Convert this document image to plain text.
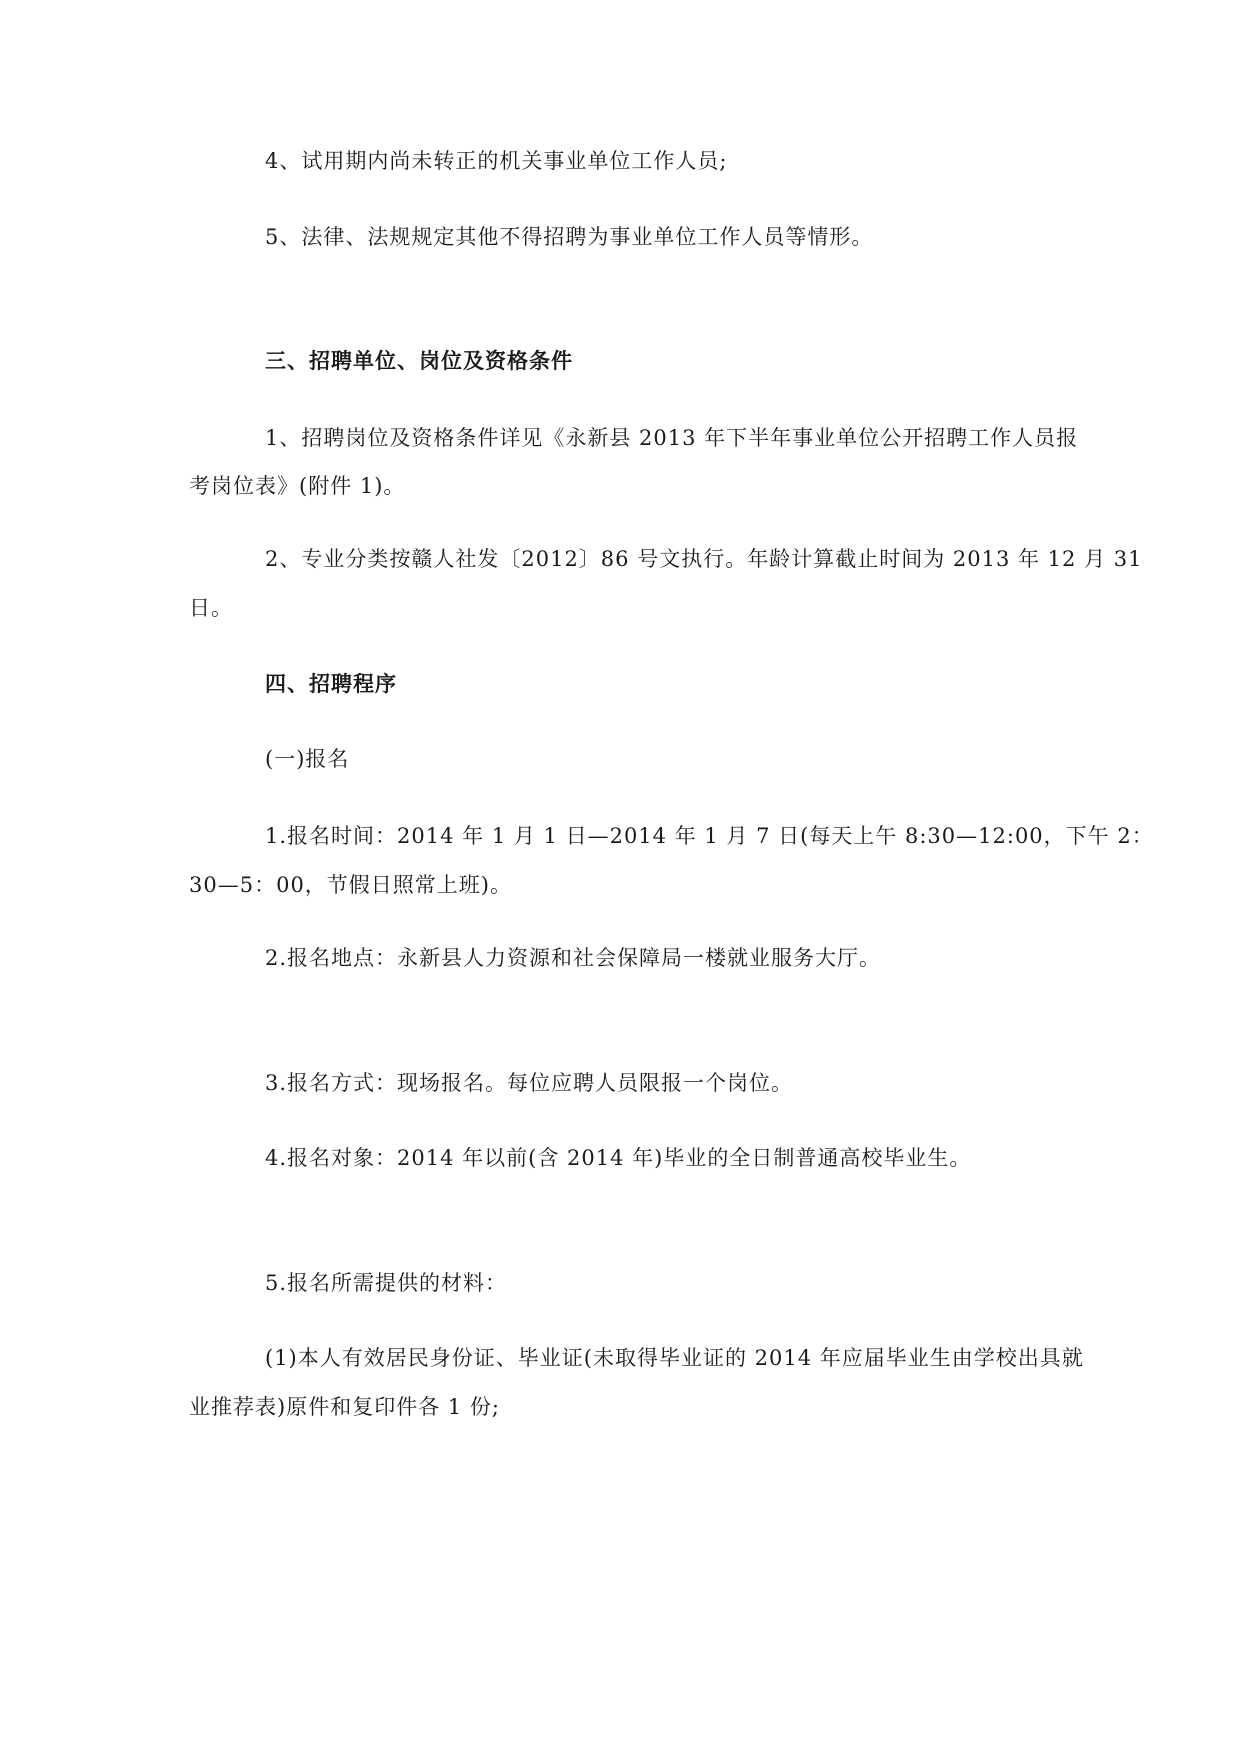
4、试用期内尚未转正的机关事业单位工作人员;
5、法律、法规规定其他不得招聘为事业单位工作人员等情形。
三、招聘单位、岗位及资格条件
1、招聘岗位及资格条件详见《永新县 2013 年下半年事业单位公开招聘工作人员报
考岗位表》(附件 1)。
2、专业分类按赣人社发〔2012〕86 号文执行。年龄计算截止时间为 2013 年 12 月 31
日。
四、招聘程序
(一)报名
1.报名时间：2014 年 1 月 1 日—2014 年 1 月 7 日(每天上午 8:30—12:00，下午 2：
30—5：00，节假日照常上班)。
2.报名地点：永新县人力资源和社会保障局一楼就业服务大厅。
3.报名方式：现场报名。每位应聘人员限报一个岗位。
4.报名对象：2014 年以前(含 2014 年)毕业的全日制普通高校毕业生。
5.报名所需提供的材料：
(1)本人有效居民身份证、毕业证(未取得毕业证的 2014 年应届毕业生由学校出具就
业推荐表)原件和复印件各 1 份;
